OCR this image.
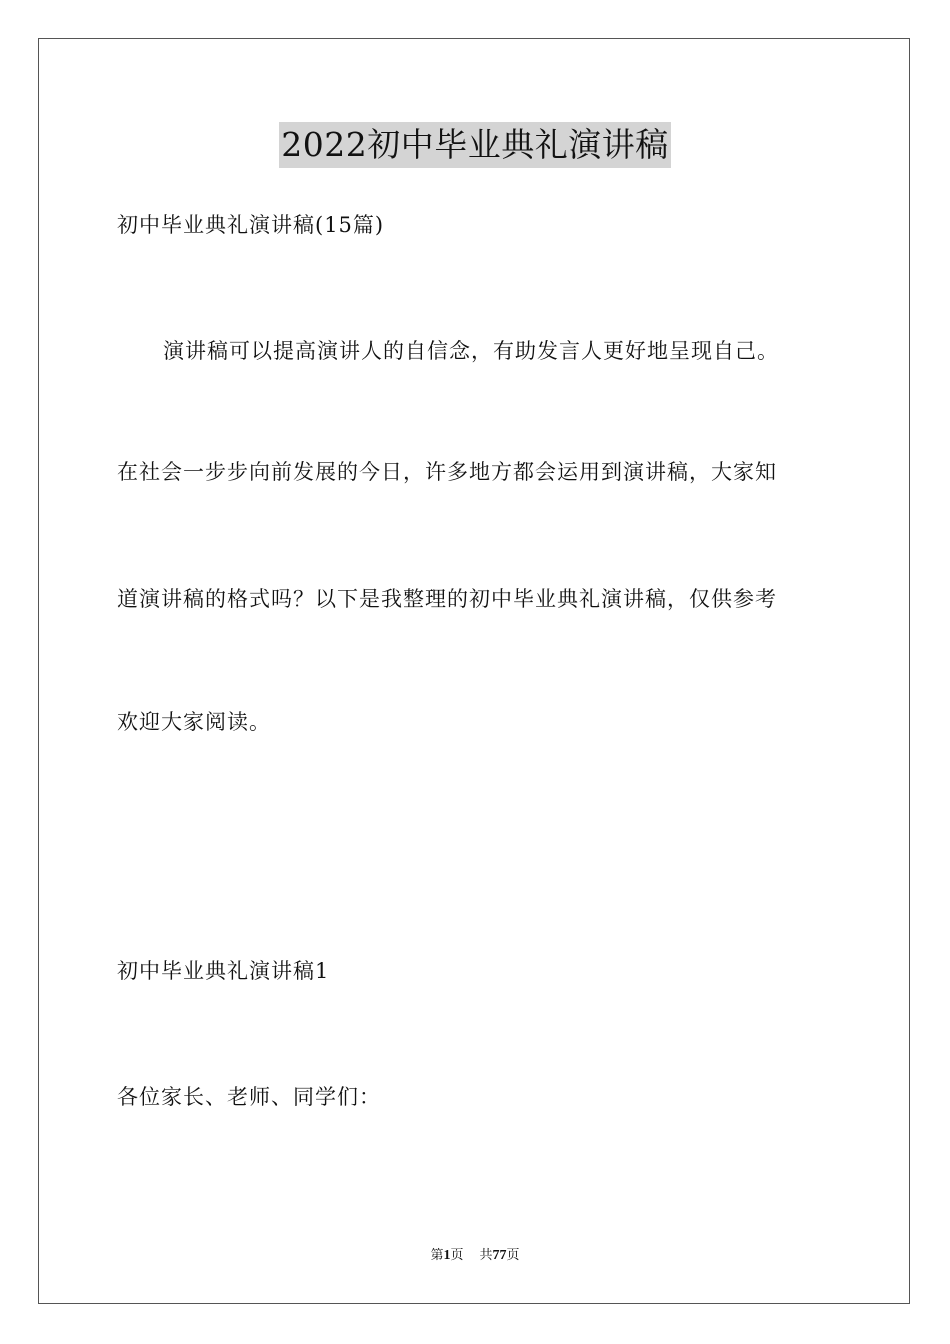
2022初中毕业典礼演讲稿
初中毕业典礼演讲稿(15篇)
演讲稿可以提高演讲人的自信念，有助发言人更好地呈现自己。
在社会一步步向前发展的今日，许多地方都会运用到演讲稿，大家知
道演讲稿的格式吗？以下是我整理的初中毕业典礼演讲稿，仅供参考
欢迎大家阅读。
初中毕业典礼演讲稿1
各位家长、老师、同学们：
第1页 共77页
